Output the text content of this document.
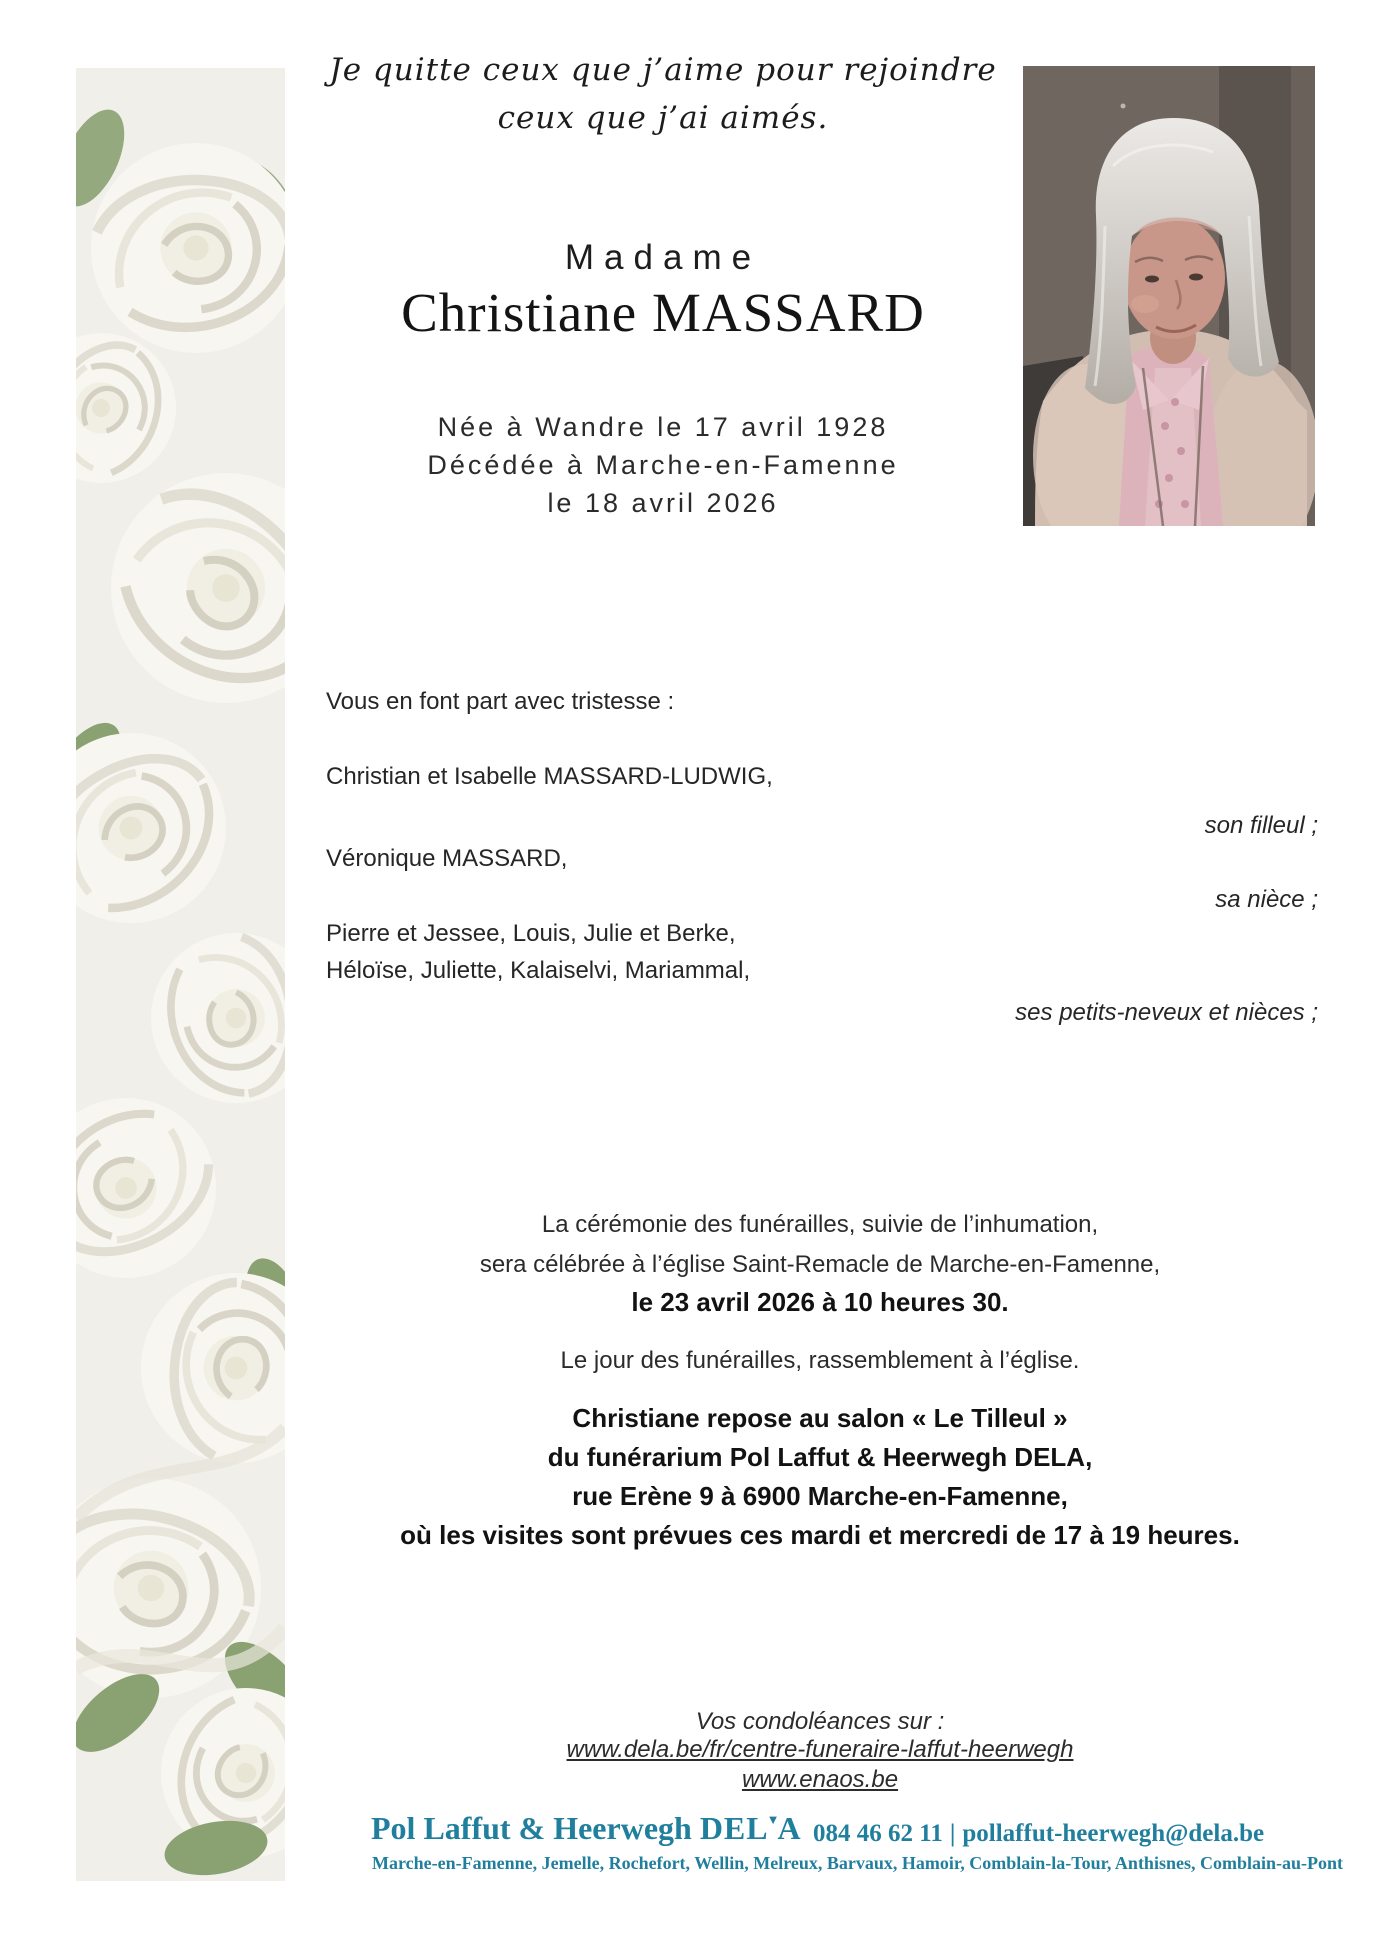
Je quitte ceux que j’aime pour rejoindre
ceux que j’ai aimés.
Madame
Christiane MASSARD
Née à Wandre le 17 avril 1928
Décédée à Marche-en-Famenne
le 18 avril 2026
Vous en font part avec tristesse :
Christian et Isabelle MASSARD-LUDWIG,
son filleul ;
Véronique MASSARD,
sa nièce ;
Pierre et Jessee, Louis, Julie et Berke,
Héloïse, Juliette, Kalaiselvi, Mariammal,
ses petits-neveux et nièces ;
La cérémonie des funérailles, suivie de l’inhumation,
sera célébrée à l’église Saint-Remacle de Marche-en-Famenne,
le 23 avril 2026 à 10 heures 30.
Le jour des funérailles, rassemblement à l’église.
Christiane repose au salon « Le Tilleul »
du funérarium Pol Laffut & Heerwegh DELA,
rue Erène 9 à 6900 Marche-en-Famenne,
où les visites sont prévues ces mardi et mercredi de 17 à 19 heures.
Vos condoléances sur :
www.dela.be/fr/centre-funeraire-laffut-heerwegh
www.enaos.be
Pol Laffut & Heerwegh DEL▼A 084 46 62 11 | pollaffut-heerwegh@dela.be
Marche-en-Famenne, Jemelle, Rochefort, Wellin, Melreux, Barvaux, Hamoir, Comblain-la-Tour, Anthisnes, Comblain-au-Pont
